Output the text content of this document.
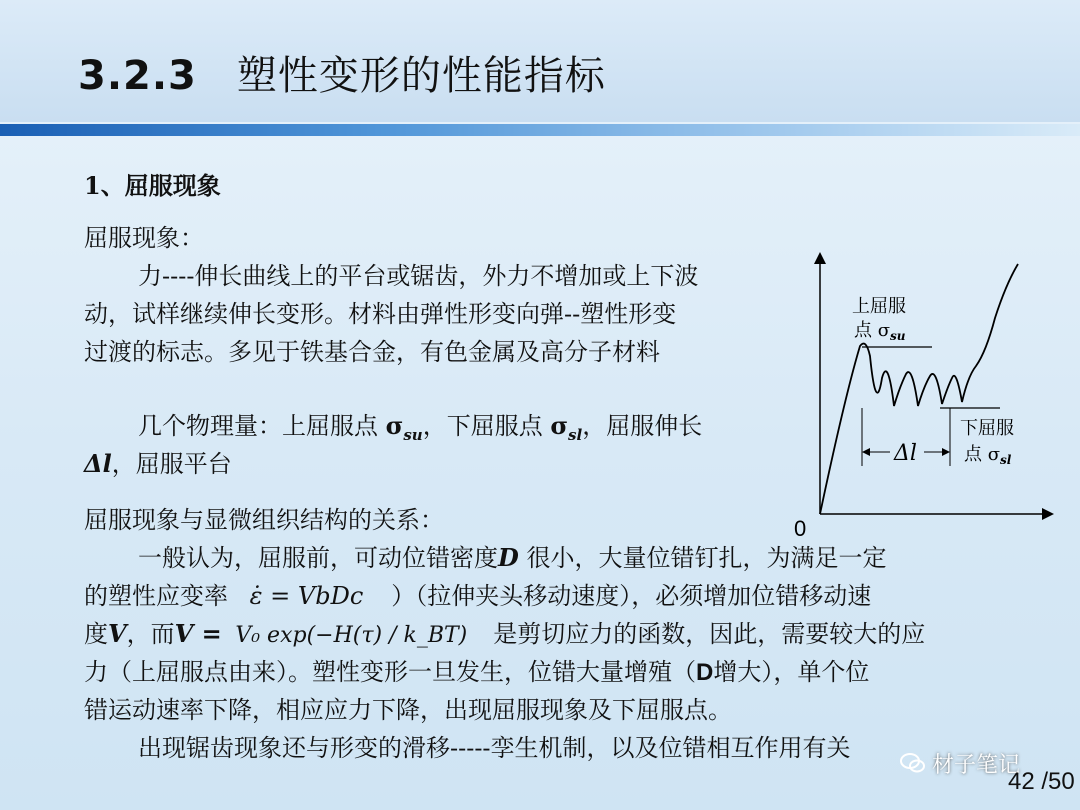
3.2.3 塑性变形的性能指标
1、屈服现象
屈服现象：
力----伸长曲线上的平台或锯齿，外力不增加或上下波
动，试样继续伸长变形。材料由弹性形变向弹--塑性形变
过渡的标志。多见于铁基合金，有色金属及高分子材料
几个物理量：上屈服点 $\sigma_{su}$，下屈服点 $\sigma_{sl}$，屈服伸长
Δl，屈服平台
屈服现象与显微组织结构的关系：
一般认为，屈服前，可动位错密度D 很小，大量位错钉扎，为满足一定
的塑性应变率 ε̇ = VbDc ）（拉伸夹头移动速度），必须增加位错移动速
度V，而V = V₀ exp(−H(τ) / k_BT) 是剪切应力的函数，因此，需要较大的应
力（上屈服点由来）。塑性变形一旦发生，位错大量增殖（D增大），单个位
错运动速率下降，相应应力下降，出现屈服现象及下屈服点。
出现锯齿现象还与形变的滑移-----孪生机制，以及位错相互作用有关
Δl
上屈服
点 $\sigma_{su}$
下屈服
点 $\sigma_{sl}$
0
材子笔记
42 /50
